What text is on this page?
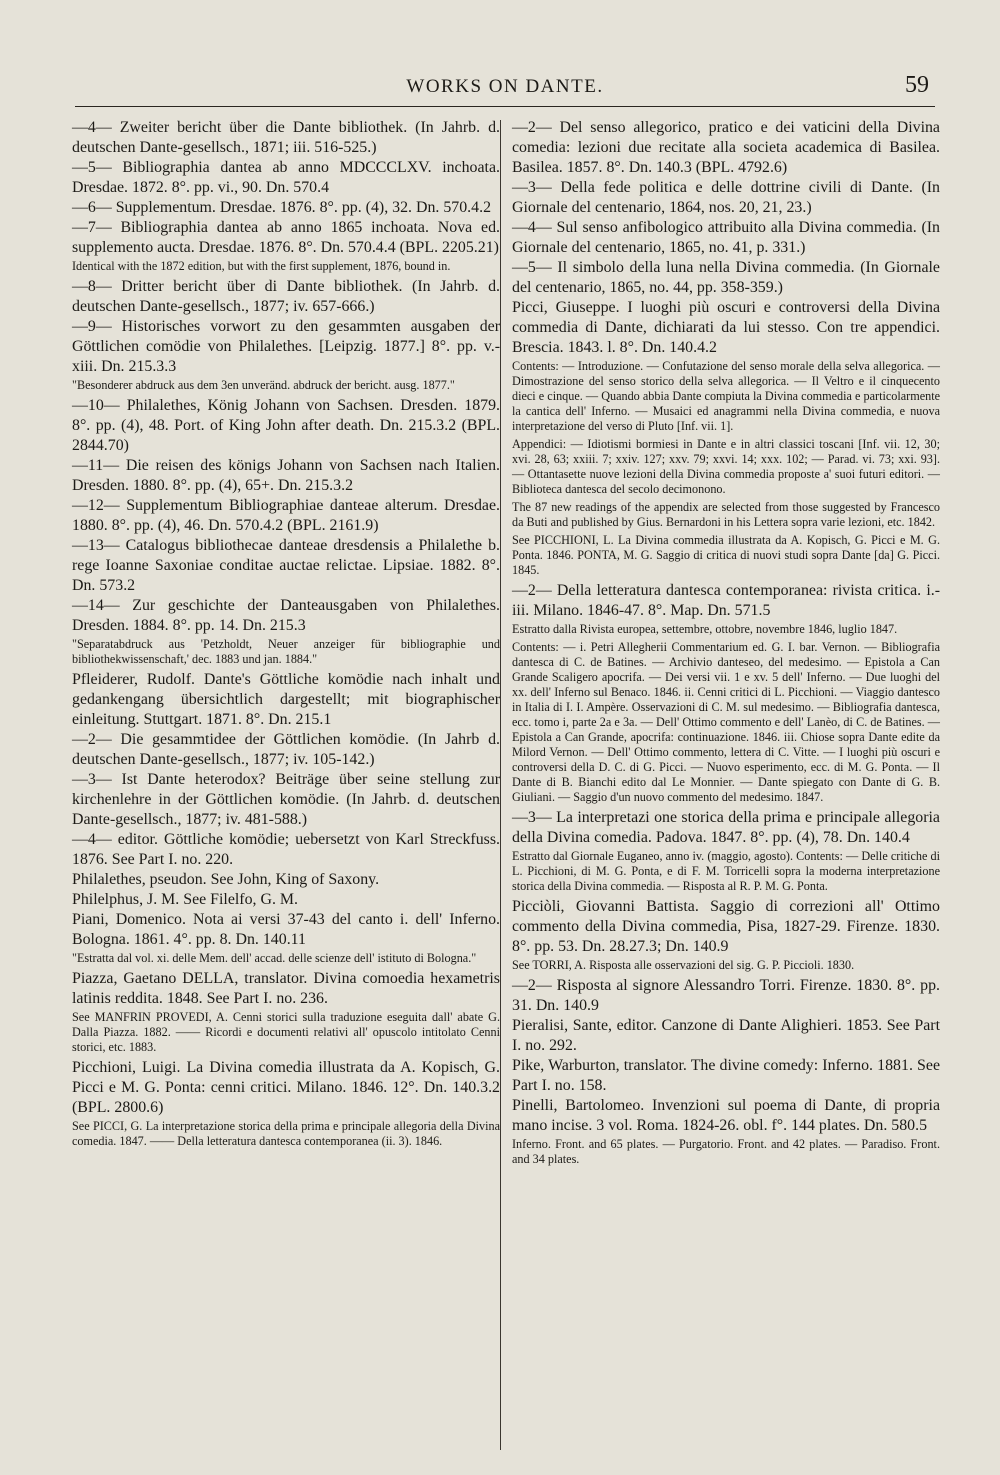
WORKS ON DANTE.	59

—4— Zweiter bericht über die Dante bibliothek. (In Jahrb. d. deutschen Dante-gesellsch., 1871; iii. 516-525.)

—5— Bibliographia dantea ab anno MDCCCLXV. inchoata. Dresdae. 1872. 8°. pp. vi., 90. Dn. 570.4

—6— Supplementum. Dresdae. 1876. 8°. pp. (4), 32. Dn. 570.4.2

—7— Bibliographia dantea ab anno 1865 inchoata. Nova ed. supplemento aucta. Dresdae. 1876. 8°. Dn. 570.4.4 (BPL. 2205.21)

Identical with the 1872 edition, but with the first supplement, 1876, bound in.

—8— Dritter bericht über di Dante bibliothek. (In Jahrb. d. deutschen Dante-gesellsch., 1877; iv. 657-666.)

—9— Historisches vorwort zu den gesammten ausgaben der Göttlichen comödie von Philalethes. [Leipzig. 1877.] 8°. pp. v.-xiii. Dn. 215.3.3

"Besonderer abdruck aus dem 3en unveränd. abdruck der bericht. ausg. 1877."

—10— Philalethes, König Johann von Sachsen. Dresden. 1879. 8°. pp. (4), 48. Port. of King John after death. Dn. 215.3.2 (BPL. 2844.70)

—11— Die reisen des königs Johann von Sachsen nach Italien. Dresden. 1880. 8°. pp. (4), 65+. Dn. 215.3.2

—12— Supplementum Bibliographiae danteae alterum. Dresdae. 1880. 8°. pp. (4), 46. Dn. 570.4.2 (BPL. 2161.9)

—13— Catalogus bibliothecae danteae dresdensis a Philalethe b. rege Ioanne Saxoniae conditae auctae relictae. Lipsiae. 1882. 8°. Dn. 573.2

—14— Zur geschichte der Danteausgaben von Philalethes. Dresden. 1884. 8°. pp. 14. Dn. 215.3

"Separatabdruck aus 'Petzholdt, Neuer anzeiger für bibliographie und bibliothekwissenschaft,' dec. 1883 und jan. 1884."

Pfleiderer, Rudolf. Dante's Göttliche komödie nach inhalt und gedankengang übersichtlich dargestellt; mit biographischer einleitung. Stuttgart. 1871. 8°. Dn. 215.1

—2— Die gesammtidee der Göttlichen komödie. (In Jahrb d. deutschen Dante-gesellsch., 1877; iv. 105-142.)

—3— Ist Dante heterodox? Beiträge über seine stellung zur kirchenlehre in der Göttlichen komödie. (In Jahrb. d. deutschen Dante-gesellsch., 1877; iv. 481-588.)

—4— editor. Göttliche komödie; uebersetzt von Karl Streckfuss. 1876. See Part I. no. 220.

Philalethes, pseudon. See John, King of Saxony.

Philelphus, J. M. See Filelfo, G. M.

Piani, Domenico. Nota ai versi 37-43 del canto i. dell' Inferno. Bologna. 1861. 4°. pp. 8. Dn. 140.11

"Estratta dal vol. xi. delle Mem. dell' accad. delle scienze dell' istituto di Bologna."

Piazza, Gaetano DELLA, translator. Divina comoedia hexametris latinis reddita. 1848. See Part I. no. 236.

See MANFRIN PROVEDI, A. Cenni storici sulla traduzione eseguita dall' abate G. Dalla Piazza. 1882. —— Ricordi e documenti relativi all' opuscolo intitolato Cenni storici, etc. 1883.

Picchioni, Luigi. La Divina comedia illustrata da A. Kopisch, G. Picci e M. G. Ponta: cenni critici. Milano. 1846. 12°. Dn. 140.3.2 (BPL. 2800.6)

See PICCI, G. La interpretazione storica della prima e principale allegoria della Divina comedia. 1847. —— Della letteratura dantesca contemporanea (ii. 3). 1846.

—2— Del senso allegorico, pratico e dei vaticini della Divina comedia: lezioni due recitate alla societa academica di Basilea. Basilea. 1857. 8°. Dn. 140.3 (BPL. 4792.6)

—3— Della fede politica e delle dottrine civili di Dante. (In Giornale del centenario, 1864, nos. 20, 21, 23.)

—4— Sul senso anfibologico attribuito alla Divina commedia. (In Giornale del centenario, 1865, no. 41, p. 331.)

—5— Il simbolo della luna nella Divina commedia. (In Giornale del centenario, 1865, no. 44, pp. 358-359.)

Picci, Giuseppe. I luoghi più oscuri e controversi della Divina commedia di Dante, dichiarati da lui stesso. Con tre appendici. Brescia. 1843. l. 8°. Dn. 140.4.2

Contents: — Introduzione. — Confutazione del senso morale della selva allegorica. — Dimostrazione del senso storico della selva allegorica. — Il Veltro e il cinquecento dieci e cinque. — Quando abbia Dante compiuta la Divina commedia e particolarmente la cantica dell' Inferno. — Musaici ed anagrammi nella Divina commedia, e nuova interpretazione del verso di Pluto [Inf. vii. 1].

Appendici: — Idiotismi bormiesi in Dante e in altri classici toscani [Inf. vii. 12, 30; xvi. 28, 63; xxiii. 7; xxiv. 127; xxv. 79; xxvi. 14; xxx. 102; — Parad. vi. 73; xxi. 93]. — Ottantasette nuove lezioni della Divina commedia proposte a' suoi futuri editori. — Biblioteca dantesca del secolo decimonono.

The 87 new readings of the appendix are selected from those suggested by Francesco da Buti and published by Gius. Bernardoni in his Lettera sopra varie lezioni, etc. 1842.

See PICCHIONI, L. La Divina commedia illustrata da A. Kopisch, G. Picci e M. G. Ponta. 1846. PONTA, M. G. Saggio di critica di nuovi studi sopra Dante [da] G. Picci. 1845.

—2— Della letteratura dantesca contemporanea: rivista critica. i.-iii. Milano. 1846-47. 8°. Map. Dn. 571.5

Estratto dalla Rivista europea, settembre, ottobre, novembre 1846, luglio 1847.

Contents: — i. Petri Allegherii Commentarium ed. G. I. bar. Vernon. — Bibliografia dantesca di C. de Batines. — Archivio danteseo, del medesimo. — Epistola a Can Grande Scaligero apocrifa. — Dei versi vii. 1 e xv. 5 dell' Inferno. — Due luoghi del xx. dell' Inferno sul Benaco. 1846. ii. Cenni critici di L. Picchioni. — Viaggio dantesco in Italia di I. I. Ampère. Osservazioni di C. M. sul medesimo. — Bibliografia dantesca, ecc. tomo i, parte 2a e 3a. — Dell' Ottimo commento e dell' Lanèo, di C. de Batines. — Epistola a Can Grande, apocrifa: continuazione. 1846. iii. Chiose sopra Dante edite da Milord Vernon. — Dell' Ottimo commento, lettera di C. Vitte. — I luoghi più oscuri e controversi della D. C. di G. Picci. — Nuovo esperimento, ecc. di M. G. Ponta. — Il Dante di B. Bianchi edito dal Le Monnier. — Dante spiegato con Dante di G. B. Giuliani. — Saggio d'un nuovo commento del medesimo. 1847.

—3— La interpretazi one storica della prima e principale allegoria della Divina comedia. Padova. 1847. 8°. pp. (4), 78. Dn. 140.4

Estratto dal Giornale Euganeo, anno iv. (maggio, agosto). Contents: — Delle critiche di L. Picchioni, di M. G. Ponta, e di F. M. Torricelli sopra la moderna interpretazione storica della Divina commedia. — Risposta al R. P. M. G. Ponta.

Picciòli, Giovanni Battista. Saggio di correzioni all' Ottimo commento della Divina commedia, Pisa, 1827-29. Firenze. 1830. 8°. pp. 53. Dn. 28.27.3; Dn. 140.9

See TORRI, A. Risposta alle osservazioni del sig. G. P. Piccioli. 1830.

—2— Risposta al signore Alessandro Torri. Firenze. 1830. 8°. pp. 31. Dn. 140.9

Pieralisi, Sante, editor. Canzone di Dante Alighieri. 1853. See Part I. no. 292.

Pike, Warburton, translator. The divine comedy: Inferno. 1881. See Part I. no. 158.

Pinelli, Bartolomeo. Invenzioni sul poema di Dante, di propria mano incise. 3 vol. Roma. 1824-26. obl. f°. 144 plates. Dn. 580.5

Inferno. Front. and 65 plates. — Purgatorio. Front. and 42 plates. — Paradiso. Front. and 34 plates.
